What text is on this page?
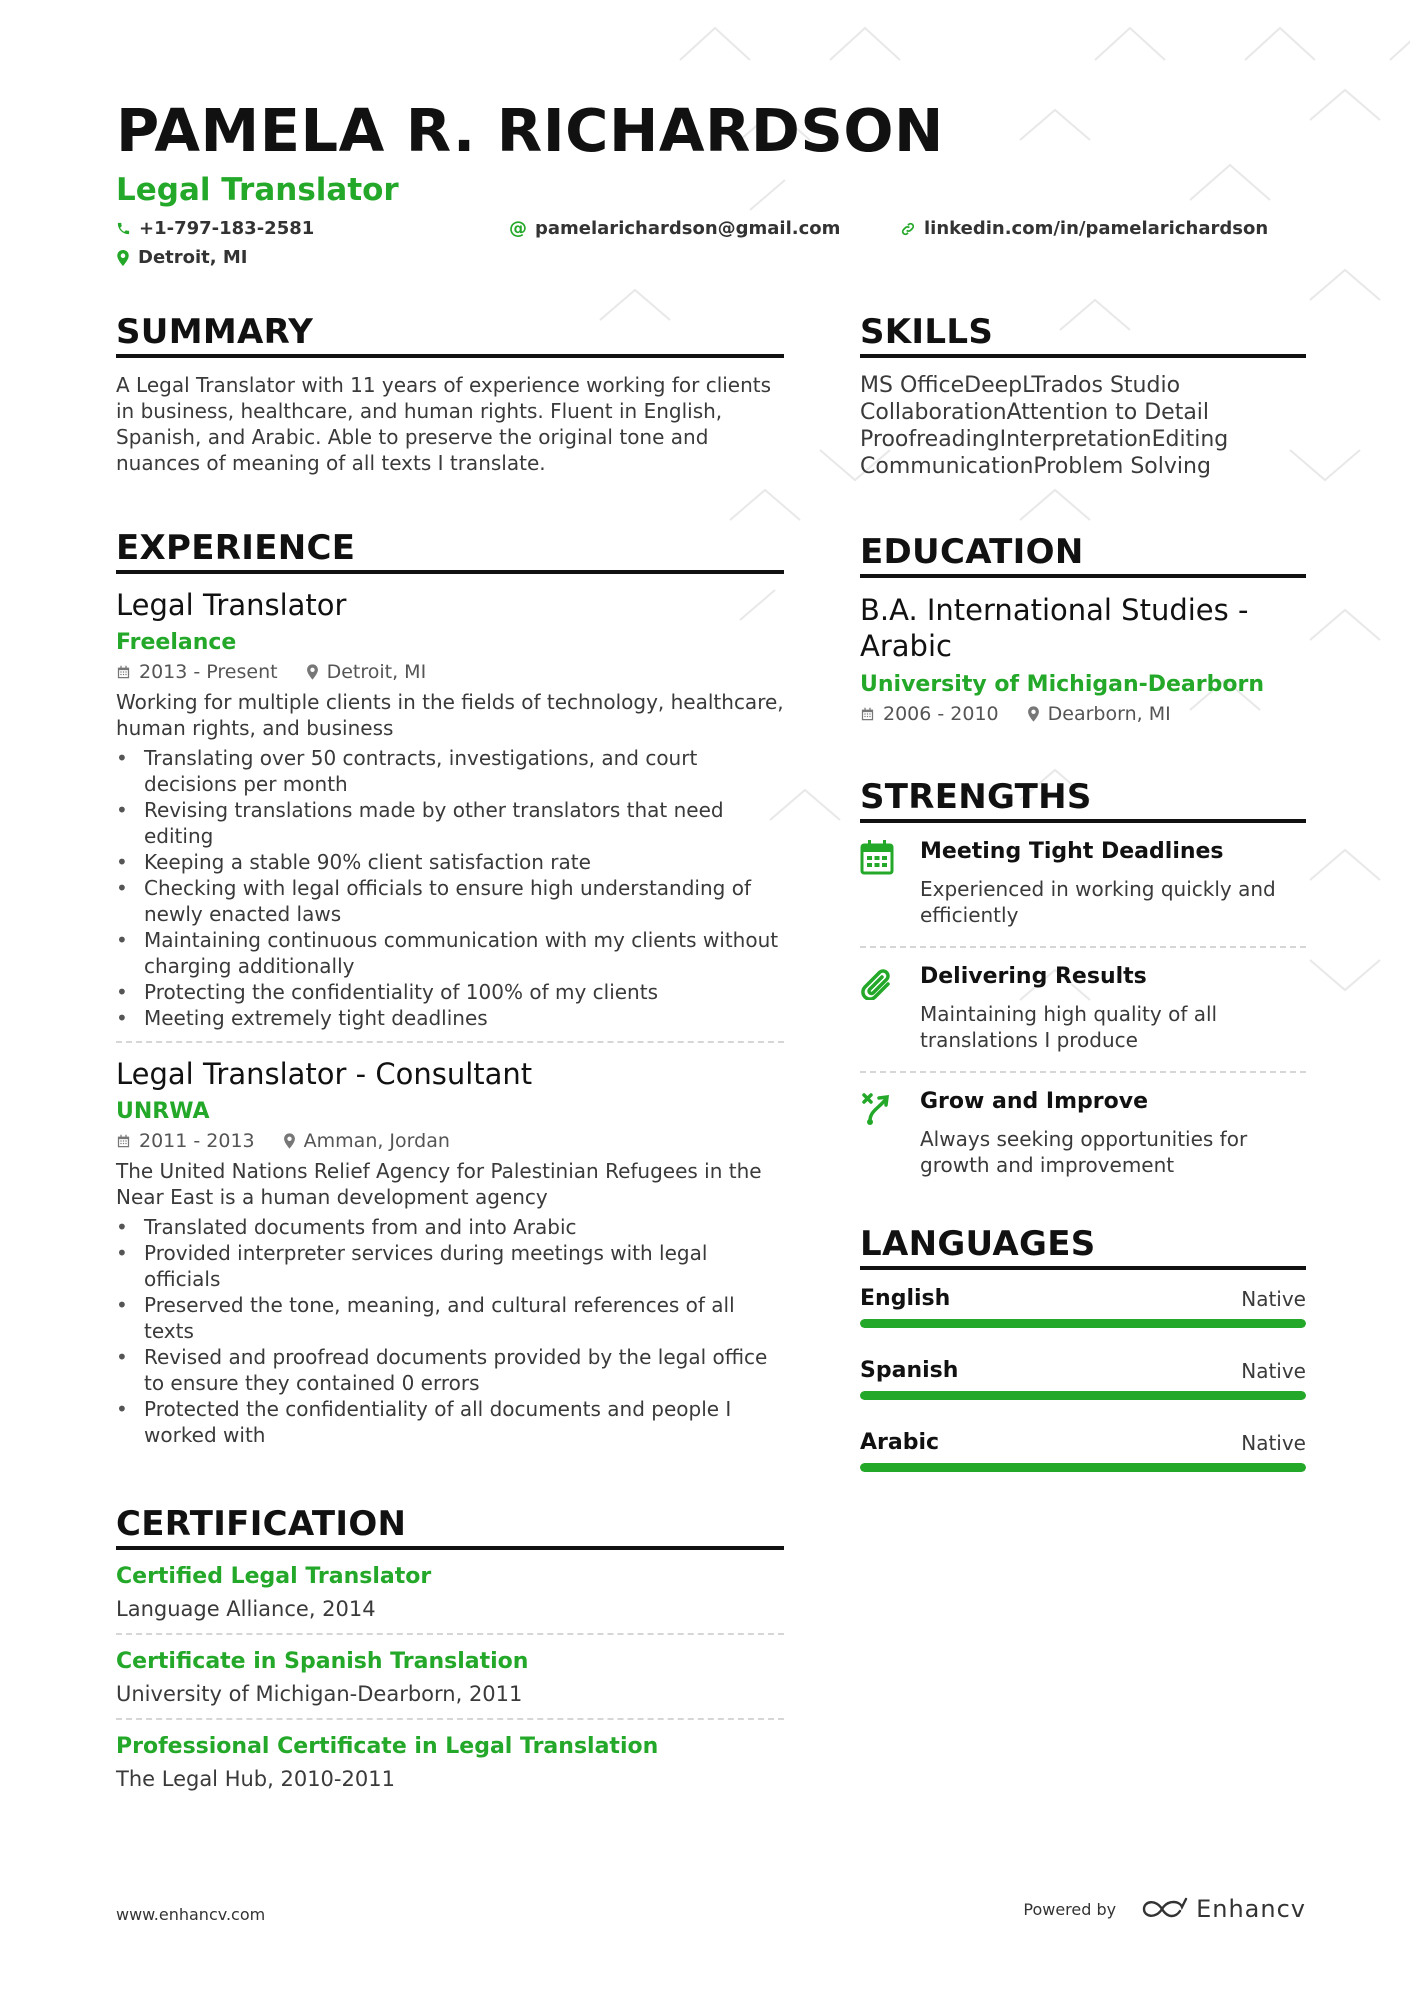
PAMELA R. RICHARDSON
Legal Translator
+1-797-183-2581	@ pamelarichardson@gmail.com	linkedin.com/in/pamelarichardson
Detroit, MI
SUMMARY
A Legal Translator with 11 years of experience working for clients in business, healthcare, and human rights. Fluent in English, Spanish, and Arabic. Able to preserve the original tone and nuances of meaning of all texts I translate.
EXPERIENCE
Legal Translator
Freelance
2013 - Present	Detroit, MI
Working for multiple clients in the fields of technology, healthcare, human rights, and business
• Translating over 50 contracts, investigations, and court decisions per month
• Revising translations made by other translators that need editing
• Keeping a stable 90% client satisfaction rate
• Checking with legal officials to ensure high understanding of newly enacted laws
• Maintaining continuous communication with my clients without charging additionally
• Protecting the confidentiality of 100% of my clients
• Meeting extremely tight deadlines
Legal Translator - Consultant
UNRWA
2011 - 2013	Amman, Jordan
The United Nations Relief Agency for Palestinian Refugees in the Near East is a human development agency
• Translated documents from and into Arabic
• Provided interpreter services during meetings with legal officials
• Preserved the tone, meaning, and cultural references of all texts
• Revised and proofread documents provided by the legal office to ensure they contained 0 errors
• Protected the confidentiality of all documents and people I worked with
CERTIFICATION
Certified Legal Translator
Language Alliance, 2014
Certificate in Spanish Translation
University of Michigan-Dearborn, 2011
Professional Certificate in Legal Translation
The Legal Hub, 2010-2011
SKILLS
MS OfficeDeepLTrados Studio
CollaborationAttention to Detail
ProofreadingInterpretationEditing
CommunicationProblem Solving
EDUCATION
B.A. International Studies - Arabic
University of Michigan-Dearborn
2006 - 2010	Dearborn, MI
STRENGTHS
Meeting Tight Deadlines
Experienced in working quickly and efficiently
Delivering Results
Maintaining high quality of all translations I produce
Grow and Improve
Always seeking opportunities for growth and improvement
LANGUAGES
English	Native
Spanish	Native
Arabic	Native
www.enhancv.com	Powered by	Enhancv
